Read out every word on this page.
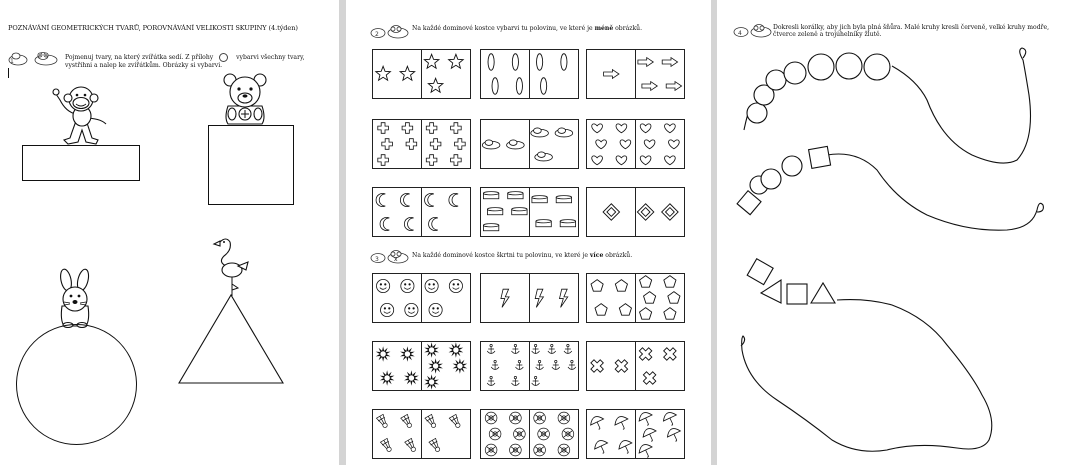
POZNÁVÁNÍ GEOMETRICKÝCH TVARŮ, POROVNÁVÁNÍ VELIKOSTI SKUPINY (4.týden)
1
Pojmenuj tvary, na který zvířátka sedí. Z přílohy	vybarvi všechny tvary, vystřihni a nalep ke zvířátkům. Obrázky si vybarvi.
2
Na každé dominové kostce vybarvi tu polovinu, ve které je méně obrázků.
3	x
Na každé dominové kostce škrtni tu polovinu, ve které je více obrázků.
4
Dokresli korálky, aby jich byla plná šňůra. Malé kruhy kresli červeně, velké kruhy modře,
čtverce zeleně a trojúhelníky žlutě.
